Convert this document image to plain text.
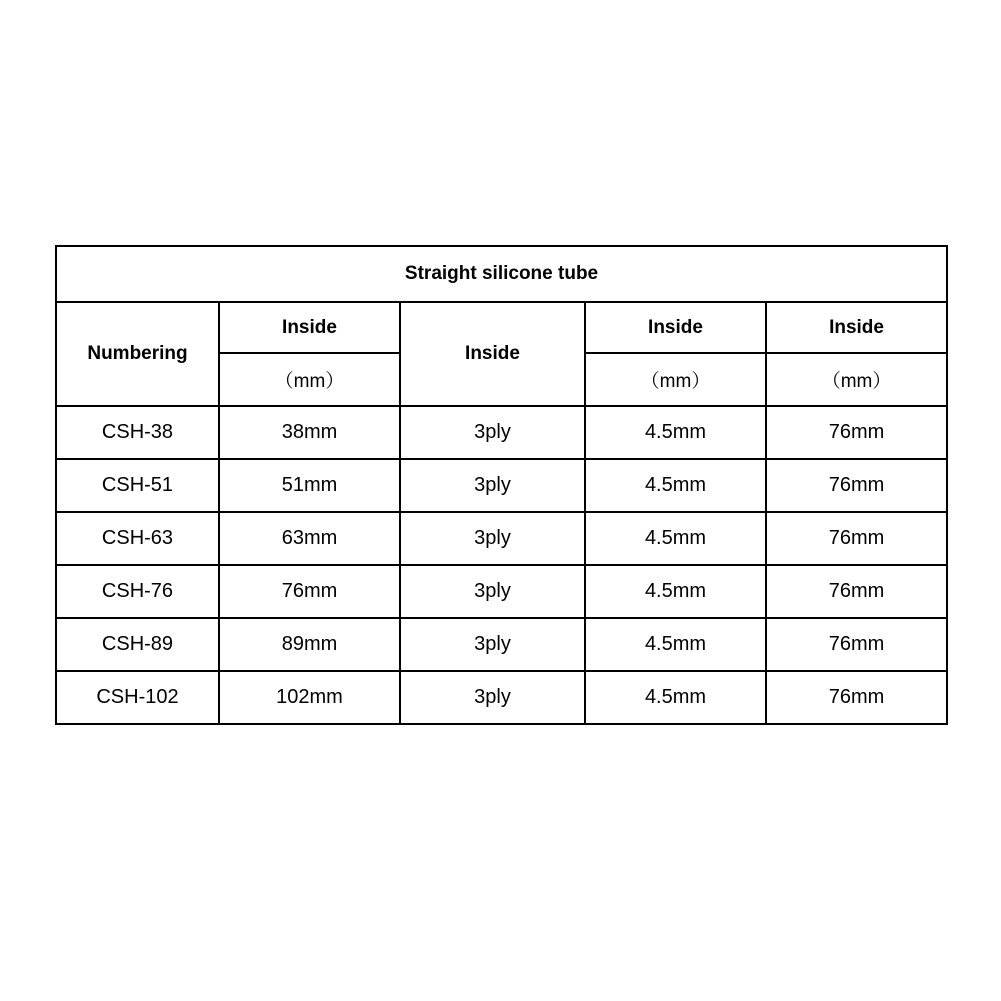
Straight silicone tube				
Numbering	Inside	Inside	Inside	Inside
	（mm）		（mm）	（mm）
CSH-38	38mm	3ply	4.5mm	76mm
CSH-51	51mm	3ply	4.5mm	76mm
CSH-63	63mm	3ply	4.5mm	76mm
CSH-76	76mm	3ply	4.5mm	76mm
CSH-89	89mm	3ply	4.5mm	76mm
CSH-102	102mm	3ply	4.5mm	76mm
